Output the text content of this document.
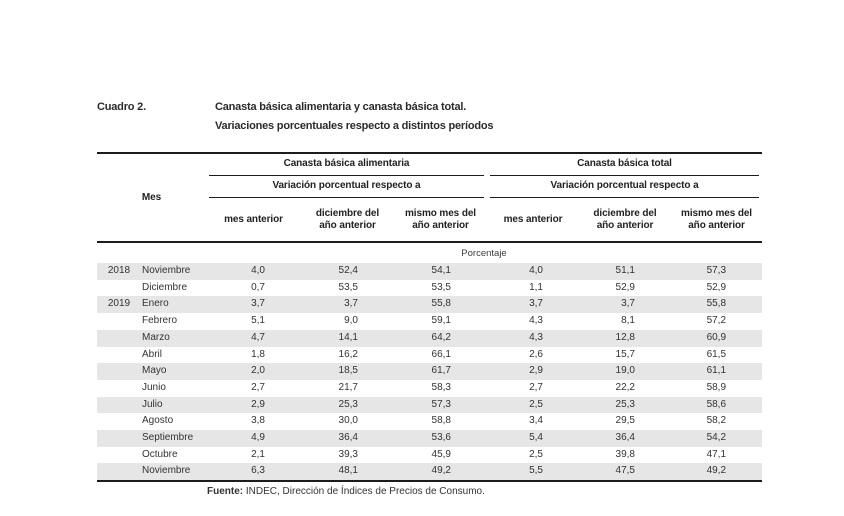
Cuadro 2.	Canasta básica alimentaria y canasta básica total.
Variaciones porcentuales respecto a distintos períodos
Mes		Canasta básica alimentaria			Canasta básica total		

Variación porcentual respecto a			Variación porcentual respecto a		

		mes anterior	diciembre del año anterior	mismo mes del año anterior	mes anterior	diciembre del año anterior	mismo mes del año anterior
		Porcentaje					
2018	Noviembre	4,0	52,4	54,1	4,0	51,1	57,3
	Diciembre	0,7	53,5	53,5	1,1	52,9	52,9
2019	Enero	3,7	3,7	55,8	3,7	3,7	55,8
	Febrero	5,1	9,0	59,1	4,3	8,1	57,2
	Marzo	4,7	14,1	64,2	4,3	12,8	60,9
	Abril	1,8	16,2	66,1	2,6	15,7	61,5
	Mayo	2,0	18,5	61,7	2,9	19,0	61,1
	Junio	2,7	21,7	58,3	2,7	22,2	58,9
	Julio	2,9	25,3	57,3	2,5	25,3	58,6
	Agosto	3,8	30,0	58,8	3,4	29,5	58,2
	Septiembre	4,9	36,4	53,6	5,4	36,4	54,2
	Octubre	2,1	39,3	45,9	2,5	39,8	47,1
	Noviembre	6,3	48,1	49,2	5,5	47,5	49,2
Fuente: INDEC, Dirección de Índices de Precios de Consumo.
